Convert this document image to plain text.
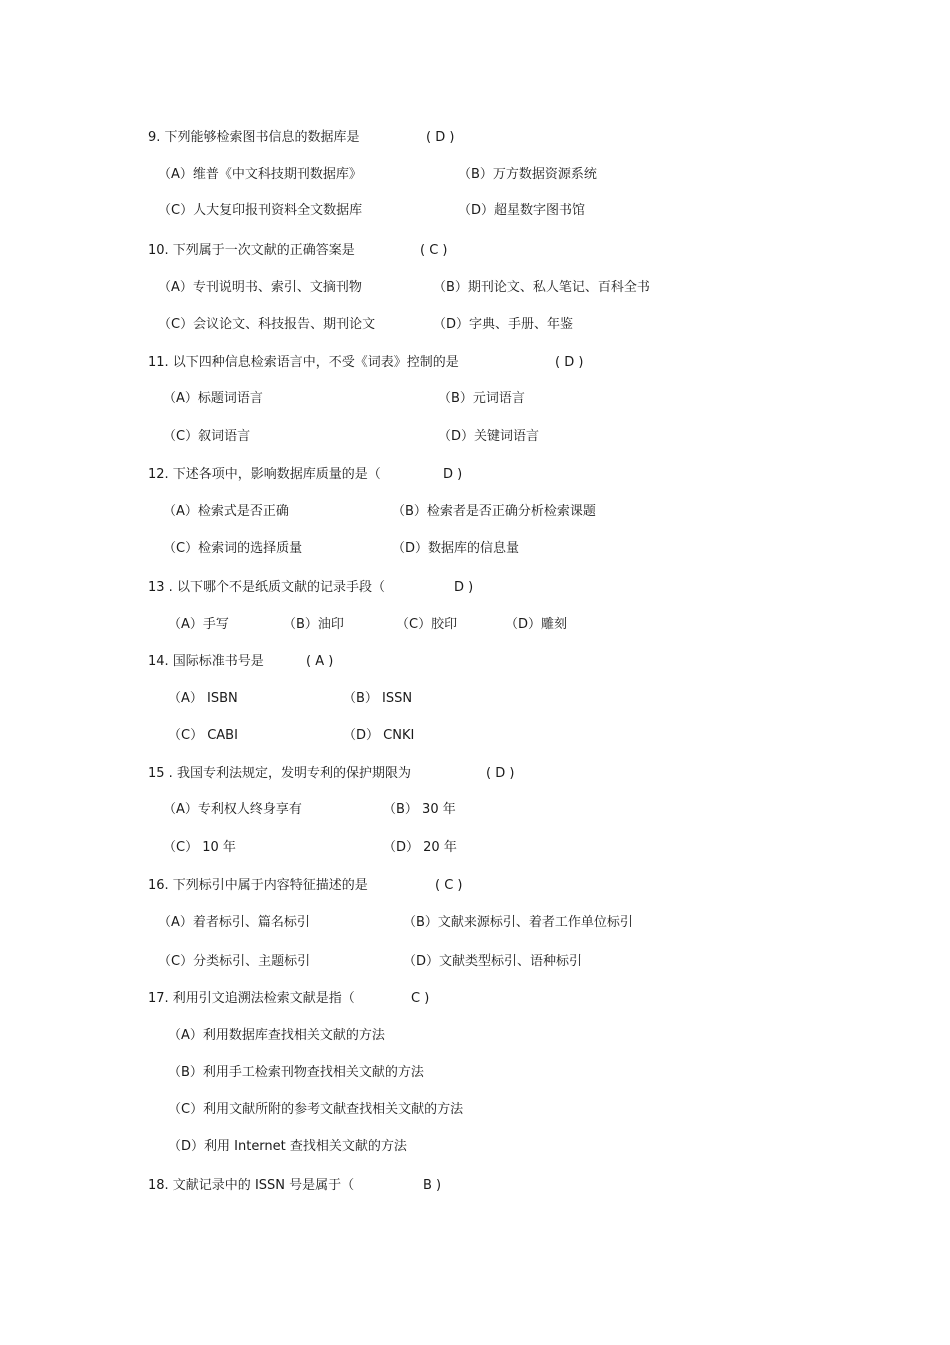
9. 下列能够检索图书信息的数据库是	( D )
（A）维普《中文科技期刊数据库》	（B）万方数据资源系统
（C）人大复印报刊资料全文数据库	（D）超星数字图书馆
10. 下列属于一次文献的正确答案是	( C )
（A）专刊说明书、索引、文摘刊物	（B）期刊论文、私人笔记、百科全书
（C）会议论文、科技报告、期刊论文	（D）字典、手册、年鉴
11. 以下四种信息检索语言中，不受《词表》控制的是	( D )
（A）标题词语言	（B）元词语言
（C）叙词语言	（D）关键词语言
12. 下述各项中，影响数据库质量的是（	D )
（A）检索式是否正确	（B）检索者是否正确分析检索课题
（C）检索词的选择质量	（D）数据库的信息量
13 . 以下哪个不是纸质文献的记录手段（	D )
（A）手写	（B）油印	（C）胶印	（D）雕刻
14. 国际标准书号是	( A )
（A） ISBN	（B） ISSN
（C） CABI	（D） CNKI
15 . 我国专利法规定，发明专利的保护期限为	( D )
（A）专利权人终身享有	（B） 30 年
（C） 10 年	（D） 20 年
16. 下列标引中属于内容特征描述的是	( C )
（A）着者标引、篇名标引	（B）文献来源标引、着者工作单位标引
（C）分类标引、主题标引	（D）文献类型标引、语种标引
17. 利用引文追溯法检索文献是指（	C )
（A）利用数据库查找相关文献的方法
（B）利用手工检索刊物查找相关文献的方法
（C）利用文献所附的参考文献查找相关文献的方法
（D）利用 Internet 查找相关文献的方法
18. 文献记录中的 ISSN 号是属于（	B )
